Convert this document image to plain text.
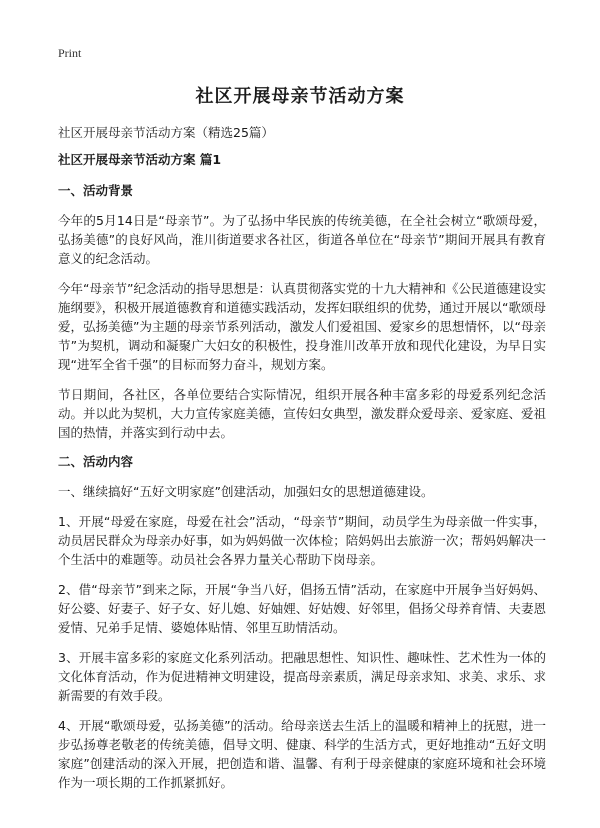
Print
社区开展母亲节活动方案
社区开展母亲节活动方案（精选25篇）
社区开展母亲节活动方案 篇1
一、活动背景

今年的5月14日是“母亲节”。为了弘扬中华民族的传统美德，在全社会树立“歌颂母爱，弘扬美德”的良好风尚，淮川街道要求各社区，街道各单位在“母亲节”期间开展具有教育意义的纪念活动。

今年“母亲节”纪念活动的指导思想是：认真贯彻落实党的十九大精神和《公民道德建设实施纲要》，积极开展道德教育和道德实践活动，发挥妇联组织的优势，通过开展以“歌颂母爱，弘扬美德”为主题的母亲节系列活动，激发人们爱祖国、爱家乡的思想情怀，以“母亲节”为契机，调动和凝聚广大妇女的积极性，投身淮川改革开放和现代化建设，为早日实现“进军全省千强”的目标而努力奋斗，规划方案。

节日期间，各社区，各单位要结合实际情况，组织开展各种丰富多彩的母爱系列纪念活动。并以此为契机，大力宣传家庭美德，宣传妇女典型，激发群众爱母亲、爱家庭、爱祖国的热情，并落实到行动中去。

二、活动内容

一、继续搞好“五好文明家庭”创建活动，加强妇女的思想道德建设。

1、开展“母爱在家庭，母爱在社会”活动，“母亲节”期间，动员学生为母亲做一件实事，动员居民群众为母亲办好事，如为妈妈做一次体检；陪妈妈出去旅游一次；帮妈妈解决一个生活中的难题等。动员社会各界力量关心帮助下岗母亲。

2、借“母亲节”到来之际，开展“争当八好，倡扬五情”活动，在家庭中开展争当好妈妈、好公婆、好妻子、好子女、好儿媳、好妯娌、好姑嫂、好邻里，倡扬父母养育情、夫妻恩爱情、兄弟手足情、婆媳体贴情、邻里互助情活动。

3、开展丰富多彩的家庭文化系列活动。把融思想性、知识性、趣味性、艺术性为一体的文化体育活动，作为促进精神文明建设，提高母亲素质，满足母亲求知、求美、求乐、求新需要的有效手段。

4、开展“歌颂母爱，弘扬美德”的活动。给母亲送去生活上的温暖和精神上的抚慰，进一步弘扬尊老敬老的传统美德，倡导文明、健康、科学的生活方式，更好地推动“五好文明家庭”创建活动的深入开展，把创造和谐、温馨、有利于母亲健康的家庭环境和社会环境作为一项长期的工作抓紧抓好。
